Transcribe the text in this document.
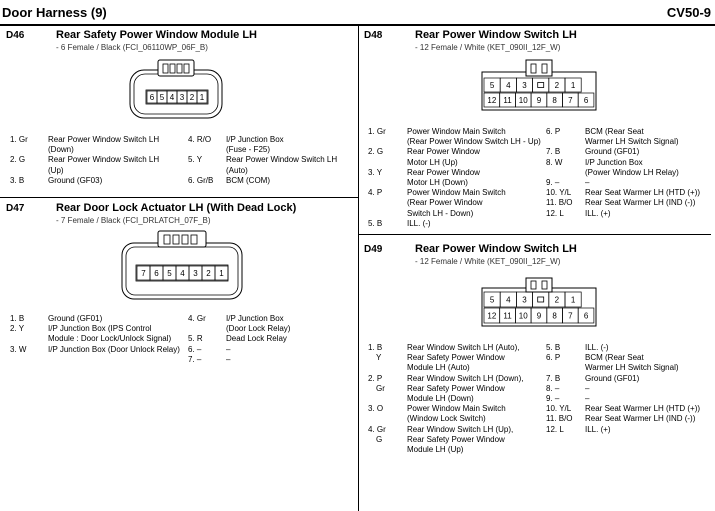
Door Harness (9)	CV50-9
D46	Rear Safety Power Window Module LH
- 6 Female / Black (FCI_06110WP_06F_B)
6 5 4 3 2 1
1. Gr	Rear Power Window Switch LH
(Down)
2. G	Rear Power Window Switch LH
(Up)
3. B	Ground (GF03)
4. R/O I/P Junction Box
(Fuse - F25)
5. Y	Rear Power Window Switch LH
(Auto)
6. Gr/B BCM (COM)
D47	Rear Door Lock Actuator LH (With Dead Lock)
- 7 Female / Black (FCI_DRLATCH_07F_B)
7 6 5 4 3 2 1
1. B	Ground (GF01)
2. Y	I/P Junction Box (IPS Control
Module : Door Lock/Unlock Signal)
3. W	I/P Junction Box (Door Unlock Relay)
4. Gr	I/P Junction Box
(Door Lock Relay)
5. R	Dead Lock Relay
6. –	–
7. –	–
D48	Rear Power Window Switch LH
- 12 Female / White (KET_090II_12F_W)
5 4 3	2 1
12 11 10 9 8 7 6
1. Gr	Power Window Main Switch
(Rear Power Window Switch LH - Up)
2. G	Rear Power Window
Motor LH (Up)
3. Y	Rear Power Window
Motor LH (Down)
4. P	Power Window Main Switch
(Rear Power Window
Switch LH - Down)
5. B	ILL. (-)
6. P	BCM (Rear Seat
Warmer LH Switch Signal)
7. B	Ground (GF01)
8. W	I/P Junction Box
(Power Window LH Relay)
9. –	–
10. Y/L Rear Seat Warmer LH (HTD (+))
11. B/O Rear Seat Warmer LH (IND (-))
12. L	ILL. (+)
D49	Rear Power Window Switch LH
- 12 Female / White (KET_090II_12F_W)
5 4 3	2 1
12 11 10 9 8 7 6
1. B	Rear Window Switch LH (Auto),
Y	Rear Safety Power Window
Module LH (Auto)
2. P	Rear Window Switch LH (Down),
Gr	Rear Safety Power Window
Module LH (Down)
3. O	Power Window Main Switch
(Window Lock Switch)
4. Gr	Rear Window Switch LH (Up),
G	Rear Safety Power Window
Module LH (Up)
5. B	ILL. (-)
6. P	BCM (Rear Seat
Warmer LH Switch Signal)
7. B	Ground (GF01)
8. –	–
9. –	–
10. Y/L Rear Seat Warmer LH (HTD (+))
11. B/O Rear Seat Warmer LH (IND (-))
12. L	ILL. (+)
